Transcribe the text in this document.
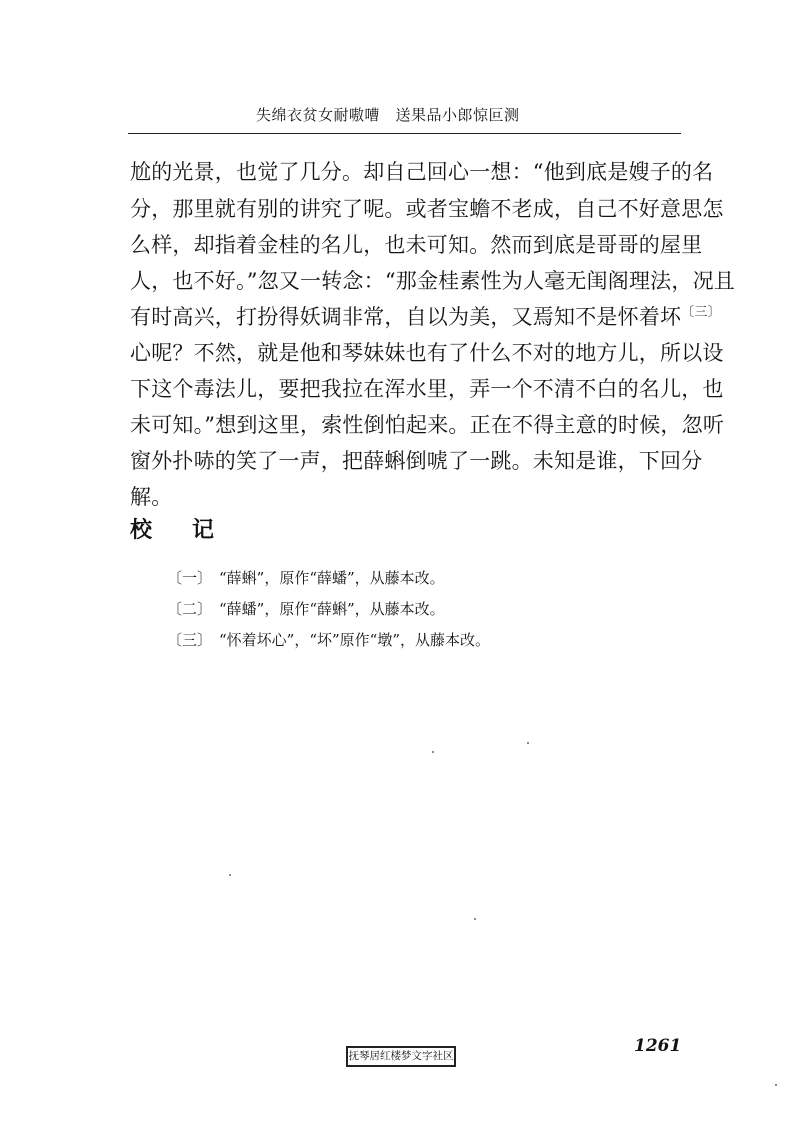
失绵衣贫女耐嗷嘈　送果品小郎惊叵测
尬的光景，也觉了几分。却自己回心一想：“他到底是嫂子的名
分，那里就有别的讲究了呢。或者宝蟾不老成，自己不好意思怎
么样，却指着金桂的名儿，也未可知。然而到底是哥哥的屋里
人，也不好。”忽又一转念：“那金桂素性为人毫无闺阁理法，况且
有时高兴，打扮得妖调非常，自以为美，又焉知不是怀着坏$^{〔三〕}$
心呢？不然，就是他和琴妹妹也有了什么不对的地方儿，所以设
下这个毒法儿，要把我拉在浑水里，弄一个不清不白的名儿，也
未可知。”想到这里，索性倒怕起来。正在不得主意的时候，忽听
窗外扑哧的笑了一声，把薛蝌倒唬了一跳。未知是谁，下回分
解。
校记
〔一〕 “薛蝌”，原作“薛蟠”，从藤本改。
〔二〕 “薛蟠”，原作“薛蝌”，从藤本改。
〔三〕 “怀着坏心”，“坏”原作“墩”，从藤本改。
1261
抚琴居红楼梦文字社区
